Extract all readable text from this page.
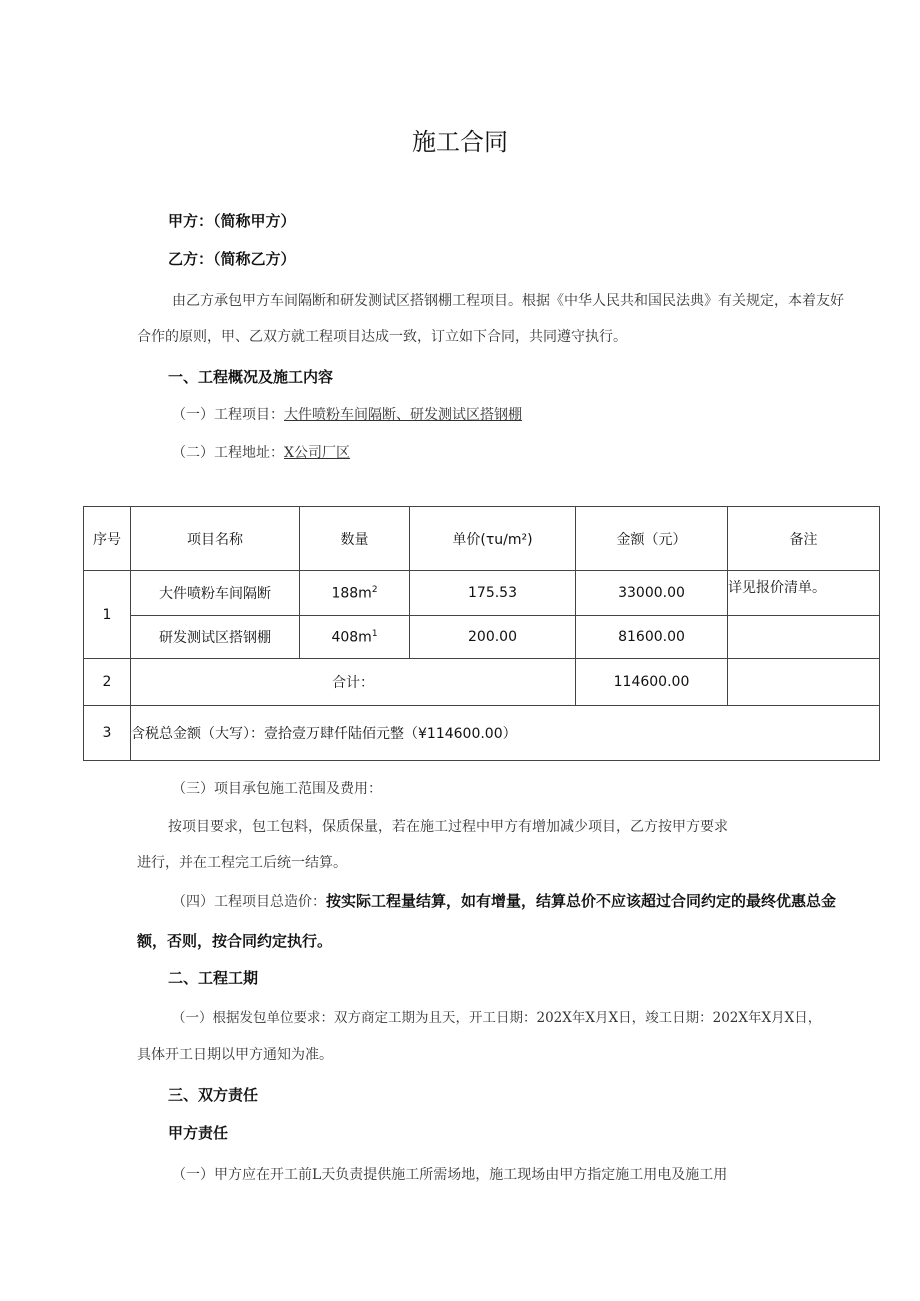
施工合同
甲方：（简称甲方）
乙方：（简称乙方）
由乙方承包甲方车间隔断和研发测试区搭钢棚工程项目。根据《中华人民共和国民法典》有关规定，本着友好
合作的原则，甲、乙双方就工程项目达成一致，订立如下合同，共同遵守执行。
一、工程概况及施工内容
（一）工程项目：大件喷粉车间隔断、研发测试区搭钢棚
（二）工程地址：X公司厂区
序号	项目名称	数量	单价(τu∕m²)	金额（元）	备注
1	大件喷粉车间隔断	$188m^2$	175.53	33000.00	详见报价清单。
	研发测试区搭钢棚	$408m^1$	200.00	81600.00	
2	合计：			114600.00	
3	含税总金额（大写）：壹拾壹万肆仟陆佰元整（¥114600.00）				
（三）项目承包施工范围及费用：
按项目要求，包工包料，保质保量，若在施工过程中甲方有增加减少项目，乙方按甲方要求
进行，并在工程完工后统一结算。
（四）工程项目总造价：按实际工程量结算，如有增量，结算总价不应该超过合同约定的最终优惠总金
额，否则，按合同约定执行。
二、工程工期
（一）根据发包单位要求：双方商定工期为且天，开工日期：202X年X月X日，竣工日期：202X年X月X日，
具体开工日期以甲方通知为准。
三、双方责任
甲方责任
（一）甲方应在开工前L天负责提供施工所需场地，施工现场由甲方指定施工用电及施工用
